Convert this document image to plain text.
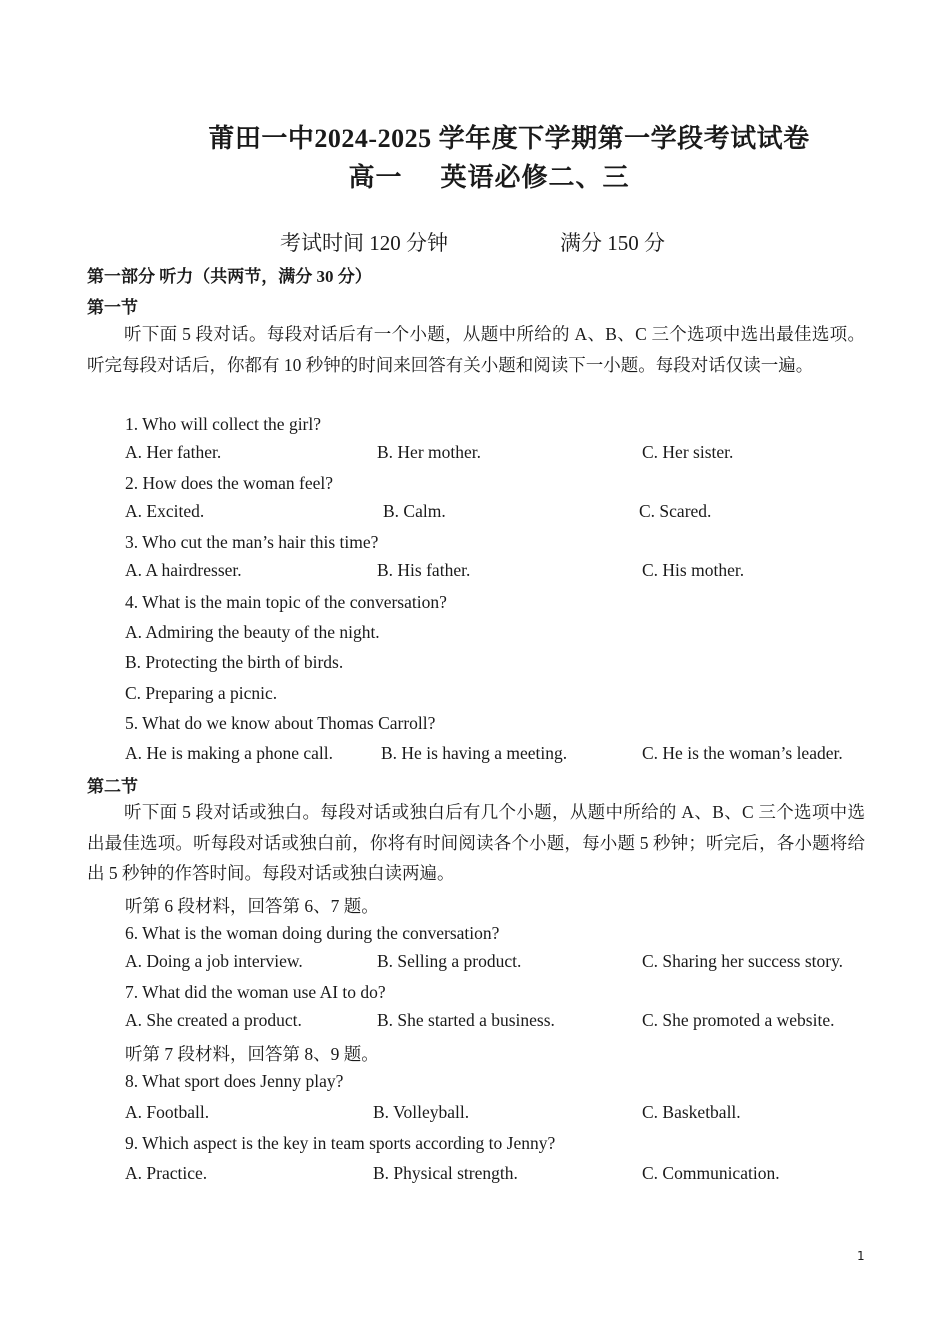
莆田一中2024-2025 学年度下学期第一学段考试试卷
高一 英语必修二、三
考试时间 120 分钟	满分 150 分
第一部分 听力（共两节，满分 30 分）
第一节
听下面 5 段对话。每段对话后有一个小题，从题中所给的 A、B、C 三个选项中选出最佳选项。听完每段对话后，你都有 10 秒钟的时间来回答有关小题和阅读下一小题。每段对话仅读一遍。
1. Who will collect the girl?
A. Her father.	B. Her mother.	C. Her sister.
2. How does the woman feel?
A. Excited.	B. Calm.	C. Scared.
3. Who cut the man’s hair this time?
A. A hairdresser.	B. His father.	C. His mother.
4. What is the main topic of the conversation?
A. Admiring the beauty of the night.
B. Protecting the birth of birds.
C. Preparing a picnic.
5. What do we know about Thomas Carroll?
A. He is making a phone call.	B. He is having a meeting.	C. He is the woman’s leader.
第二节
听下面 5 段对话或独白。每段对话或独白后有几个小题，从题中所给的 A、B、C 三个选项中选出最佳选项。听每段对话或独白前，你将有时间阅读各个小题，每小题 5 秒钟；听完后，各小题将给出 5 秒钟的作答时间。每段对话或独白读两遍。
听第 6 段材料，回答第 6、7 题。
6. What is the woman doing during the conversation?
A. Doing a job interview.	B. Selling a product.	C. Sharing her success story.
7. What did the woman use AI to do?
A. She created a product.	B. She started a business.	C. She promoted a website.
听第 7 段材料，回答第 8、9 题。
8. What sport does Jenny play?
A. Football.	B. Volleyball.	C. Basketball.
9. Which aspect is the key in team sports according to Jenny?
A. Practice.	B. Physical strength.	C. Communication.
1
